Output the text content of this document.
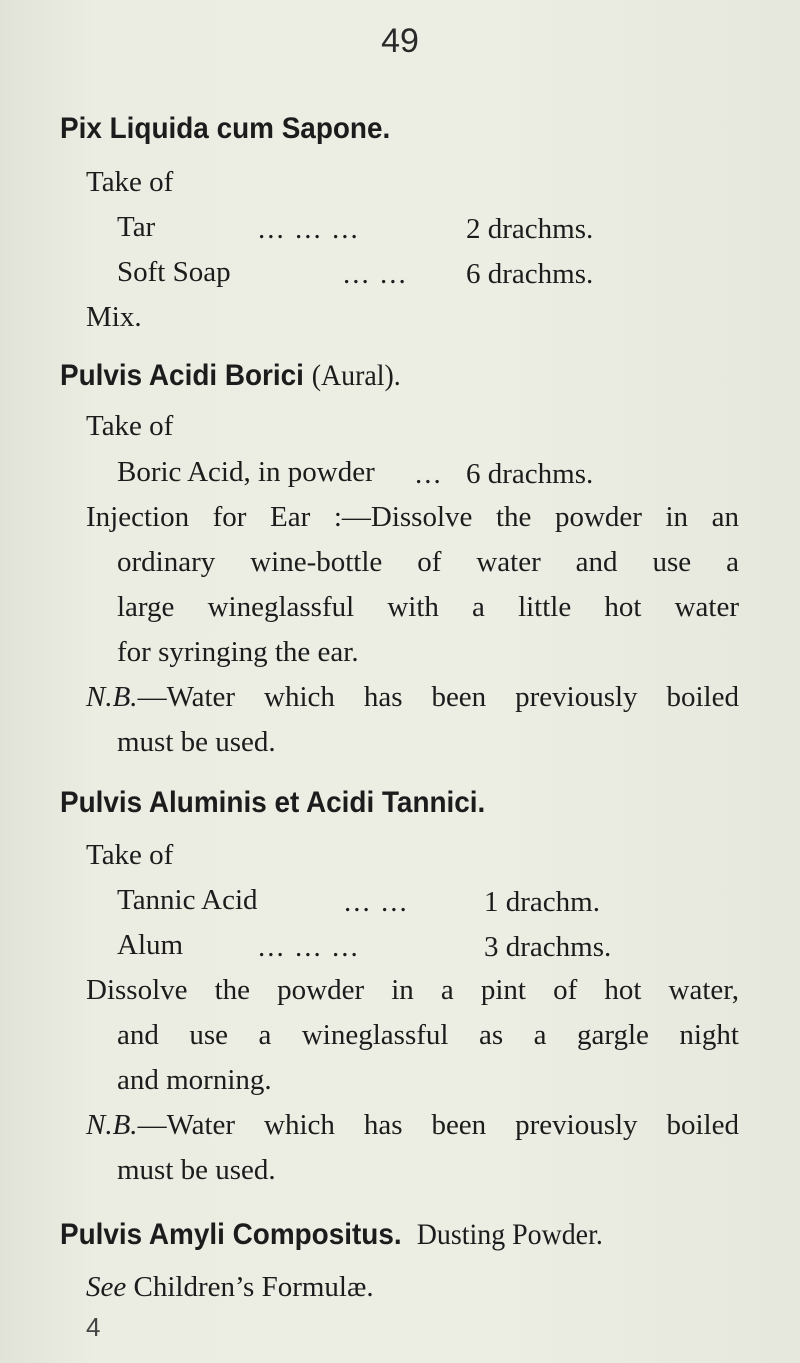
49
Pix Liquida cum Sapone.
Take of
Tar	... ... ...	2 drachms.
Soft Soap	... ... 6 drachms.
Mix.
Pulvis Acidi Borici (Aural).
Take of
Boric Acid, in powder ... 6 drachms.
Injection for Ear :—Dissolve the powder in an
ordinary wine-bottle of water and use a
large wineglassful with a little hot water
for syringing the ear.
N.B. —Water which has been previously boiled
must be used.
Pulvis Aluminis et Acidi Tannici.
Take of
Tannic Acid	... ...	1 drachm.
Alum	... ... ...	3 drachms.
Dissolve the powder in a pint of hot water,
and use a wineglassful as a gargle night
and morning.
N.B. —Water which has been previously boiled
must be used.
Pulvis Amyli Compositus. Dusting Powder.
See Children’s Formulæ.
4
